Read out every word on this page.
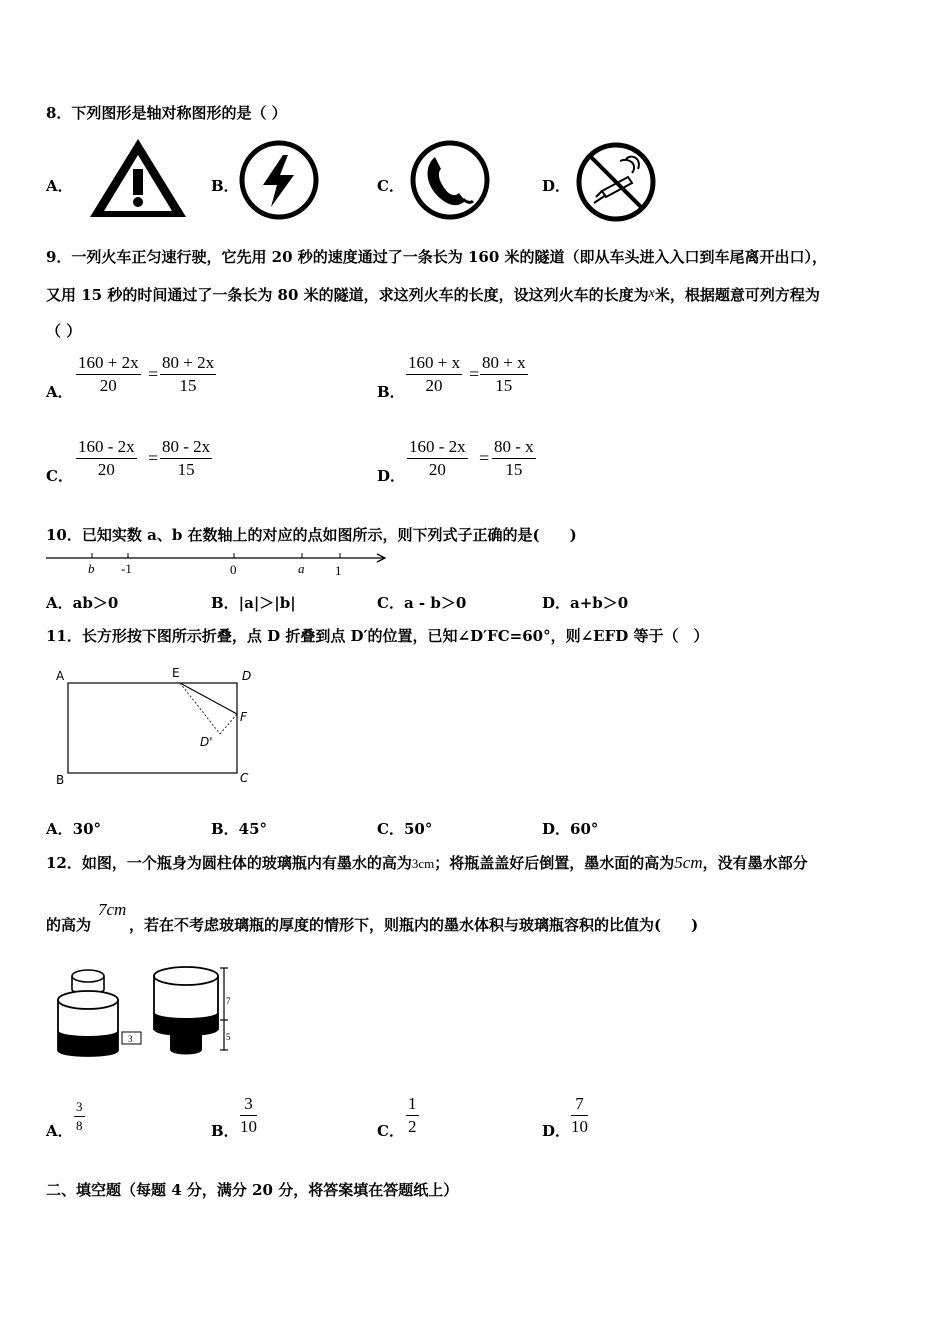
8．下列图形是轴对称图形的是（ ）
A．	B．	C．	D．
9．一列火车正匀速行驶，它先用 20 秒的速度通过了一条长为 160 米的隧道（即从车头进入入口到车尾离开出口），
又用 15 秒的时间通过了一条长为 80 米的隧道，求这列火车的长度，设这列火车的长度为x米，根据题意可列方程为
（ ）
A． $\frac{160 + 2x}{20} = \frac{80 + 2x}{15}$	B． $\frac{160 + x}{20} = \frac{80 + x}{15}$
C． $\frac{160 - 2x}{20} = \frac{80 - 2x}{15}$	D． $\frac{160 - 2x}{20} = \frac{80 - x}{15}$
10．已知实数 a、b 在数轴上的对应的点如图所示，则下列式子正确的是(　　)
b -1	0	a 1
A．ab＞0	B．|a|＞|b|	C．a - b＞0	D．a+b＞0
11．长方形按下图所示折叠，点 D 折叠到点 D′的位置，已知∠D′FC=60°，则∠EFD 等于（　）
A	E	D
F
D'
B	C
A．30°	B．45°	C．50°	D．60°
12．如图，一个瓶身为圆柱体的玻璃瓶内有墨水的高为3cm；将瓶盖盖好后倒置，墨水面的高为5cm，没有墨水部分
7cm
的高为	，若在不考虑玻璃瓶的厚度的情形下，则瓶内的墨水体积与玻璃瓶容积的比值为(　　)
3
7
5
A． $\frac{3}{8}$	B． $\frac{3}{10}$	C． $\frac{1}{2}$	D． $\frac{7}{10}$
二、填空题（每题 4 分，满分 20 分，将答案填在答题纸上）
